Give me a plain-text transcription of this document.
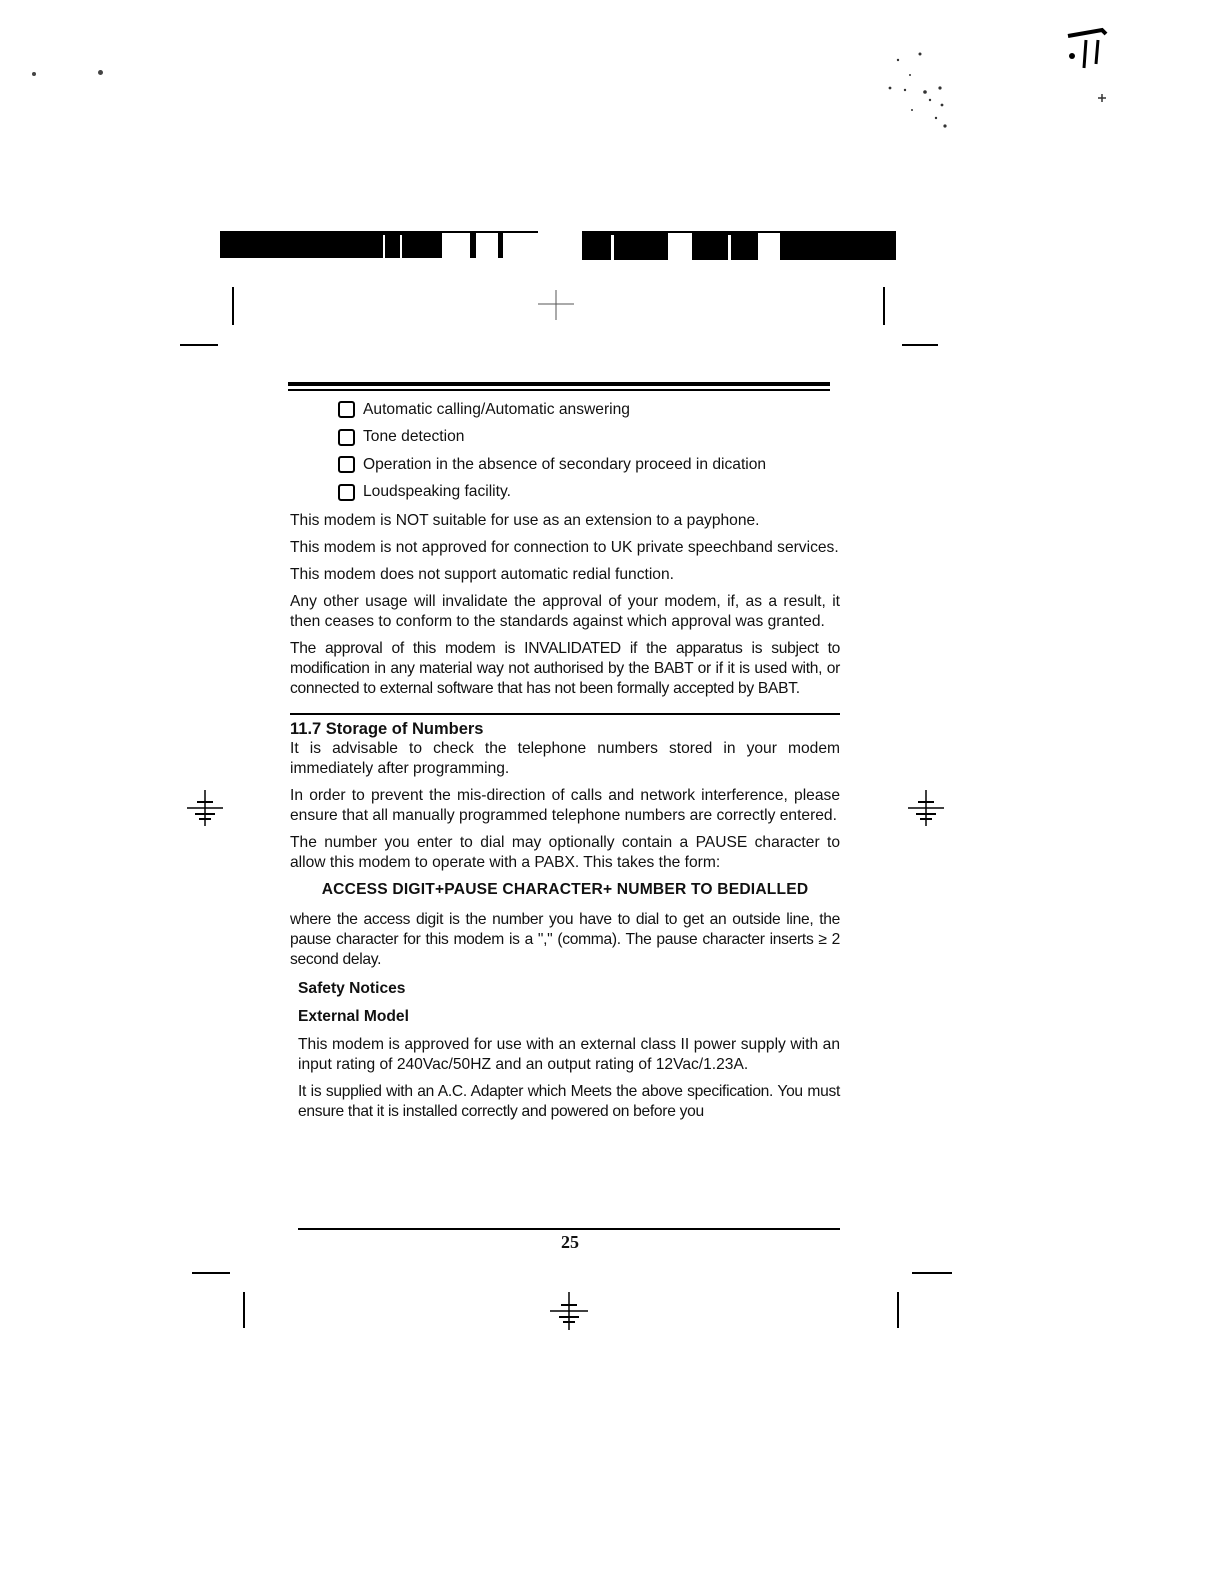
Automatic calling/Automatic answering
Tone detection
Operation in the absence of secondary proceed in dication
Loudspeaking facility.

This modem is NOT suitable for use as an extension to a payphone.

This modem is not approved for connection to UK private speechband services.

This modem does not support automatic redial function.

Any other usage will invalidate the approval of your modem, if, as a result, it then ceases to conform to the standards against which approval was granted.

The approval of this modem is INVALIDATED if the apparatus is subject to modification in any material way not authorised by the BABT or if it is used with, or connected to external software that has not been formally accepted by BABT.

11.7 Storage of Numbers

It is advisable to check the telephone numbers stored in your modem immediately after programming.

In order to prevent the mis-direction of calls and network interference, please ensure that all manually programmed telephone numbers are correctly entered.

The number you enter to dial may optionally contain a PAUSE character to allow this modem to operate with a PABX. This takes the form:

ACCESS DIGIT+PAUSE CHARACTER+ NUMBER TO BEDIALLED

where the access digit is the number you have to dial to get an outside line, the pause character for this modem is a "," (comma). The pause character inserts ≥ 2 second delay.

Safety Notices

External Model

This modem is approved for use with an external class II power supply with an input rating of 240Vac/50HZ and an output rating of 12Vac/1.23A.

It is supplied with an A.C. Adapter which Meets the above specification. You must ensure that it is installed correctly and powered on before you

25
